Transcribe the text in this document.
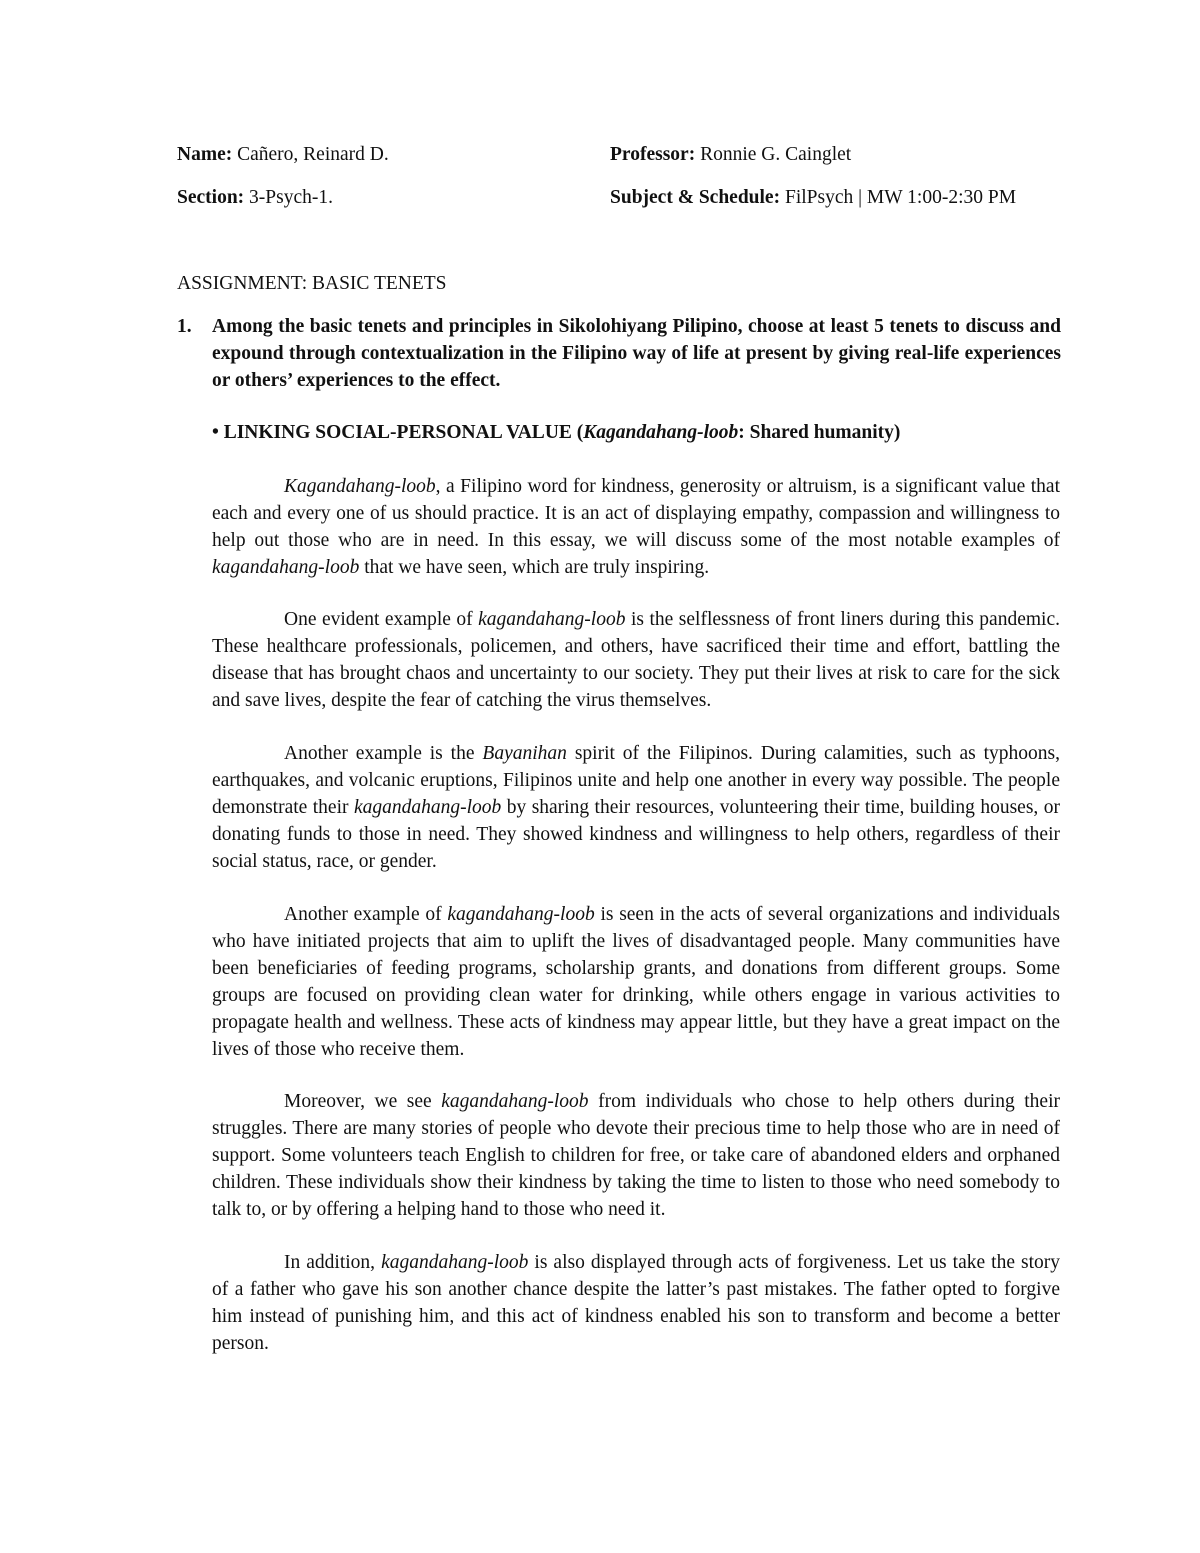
Name: Cañero, Reinard D.	Professor: Ronnie G. Cainglet
Section: 3-Psych-1.	Subject & Schedule: FilPsych | MW 1:00-2:30 PM
ASSIGNMENT: BASIC TENETS
1. Among the basic tenets and principles in Sikolohiyang Pilipino, choose at least 5 tenets to discuss and expound through contextualization in the Filipino way of life at present by giving real-life experiences or others’ experiences to the effect.
• LINKING SOCIAL-PERSONAL VALUE (Kagandahang-loob: Shared humanity)

Kagandahang-loob, a Filipino word for kindness, generosity or altruism, is a significant value that each and every one of us should practice. It is an act of displaying empathy, compassion and willingness to help out those who are in need. In this essay, we will discuss some of the most notable examples of kagandahang-loob that we have seen, which are truly inspiring.

One evident example of kagandahang-loob is the selflessness of front liners during this pandemic. These healthcare professionals, policemen, and others, have sacrificed their time and effort, battling the disease that has brought chaos and uncertainty to our society. They put their lives at risk to care for the sick and save lives, despite the fear of catching the virus themselves.

Another example is the Bayanihan spirit of the Filipinos. During calamities, such as typhoons, earthquakes, and volcanic eruptions, Filipinos unite and help one another in every way possible. The people demonstrate their kagandahang-loob by sharing their resources, volunteering their time, building houses, or donating funds to those in need. They showed kindness and willingness to help others, regardless of their social status, race, or gender.

Another example of kagandahang-loob is seen in the acts of several organizations and individuals who have initiated projects that aim to uplift the lives of disadvantaged people. Many communities have been beneficiaries of feeding programs, scholarship grants, and donations from different groups. Some groups are focused on providing clean water for drinking, while others engage in various activities to propagate health and wellness. These acts of kindness may appear little, but they have a great impact on the lives of those who receive them.

Moreover, we see kagandahang-loob from individuals who chose to help others during their struggles. There are many stories of people who devote their precious time to help those who are in need of support. Some volunteers teach English to children for free, or take care of abandoned elders and orphaned children. These individuals show their kindness by taking the time to listen to those who need somebody to talk to, or by offering a helping hand to those who need it.

In addition, kagandahang-loob is also displayed through acts of forgiveness. Let us take the story of a father who gave his son another chance despite the latter’s past mistakes. The father opted to forgive him instead of punishing him, and this act of kindness enabled his son to transform and become a better person.
